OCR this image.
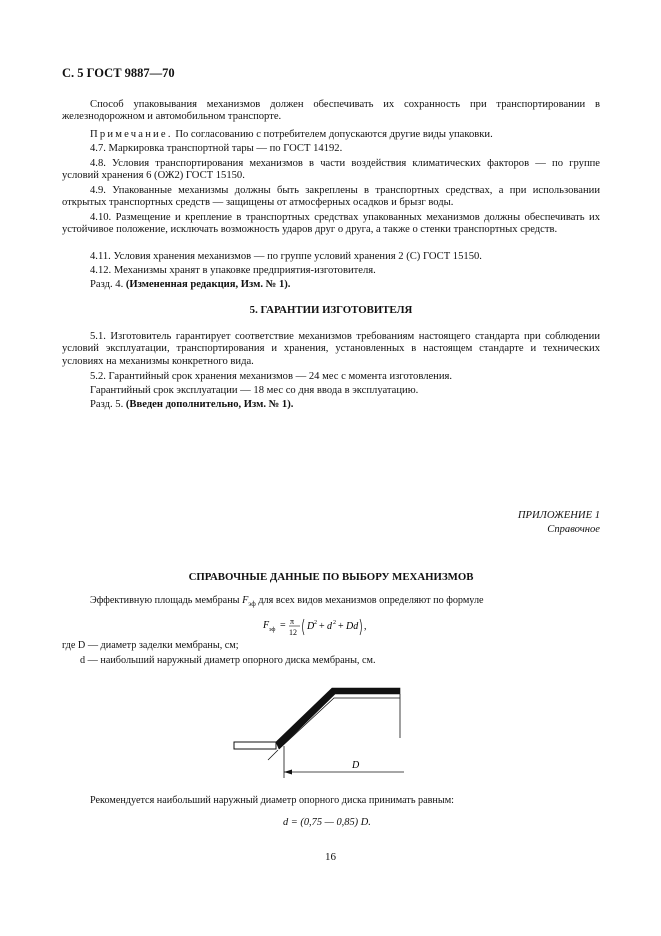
С. 5 ГОСТ 9887—70
Способ упаковывания механизмов должен обеспечивать их сохранность при транспортировании в железнодорожном и автомобильном транспорте.
Примечание. По согласованию с потребителем допускаются другие виды упаковки.
4.7. Маркировка транспортной тары — по ГОСТ 14192.
4.8. Условия транспортирования механизмов в части воздействия климатических факторов — по группе условий хранения 6 (ОЖ2) ГОСТ 15150.
4.9. Упакованные механизмы должны быть закреплены в транспортных средствах, а при использовании открытых транспортных средств — защищены от атмосферных осадков и брызг воды.
4.10. Размещение и крепление в транспортных средствах упакованных механизмов должны обеспечивать их устойчивое положение, исключать возможность ударов друг о друга, а также о стенки транспортных средств.
4.11. Условия хранения механизмов — по группе условий хранения 2 (С) ГОСТ 15150.
4.12. Механизмы хранят в упаковке предприятия-изготовителя.
Разд. 4. (Измененная редакция, Изм. № 1).
5. ГАРАНТИИ ИЗГОТОВИТЕЛЯ
5.1. Изготовитель гарантирует соответствие механизмов требованиям настоящего стандарта при соблюдении условий эксплуатации, транспортирования и хранения, установленных в настоящем стандарте и технических условиях на механизмы конкретного вида.
5.2. Гарантийный срок хранения механизмов — 24 мес с момента изготовления.
Гарантийный срок эксплуатации — 18 мес со дня ввода в эксплуатацию.
Разд. 5. (Введен дополнительно, Изм. № 1).
ПРИЛОЖЕНИЕ 1
Справочное
СПРАВОЧНЫЕ ДАННЫЕ ПО ВЫБОРУ МЕХАНИЗМОВ
Эффективную площадь мембраны $F_{эф}$ для всех видов механизмов определяют по формуле
F эф = π
12
D 2 + d 2 + Dd ,
где D — диаметр заделки мембраны, см;
d — наибольший наружный диаметр опорного диска мембраны, см.
D
Рекомендуется наибольший наружный диаметр опорного диска принимать равным:
d = (0,75 — 0,85) D.
16
